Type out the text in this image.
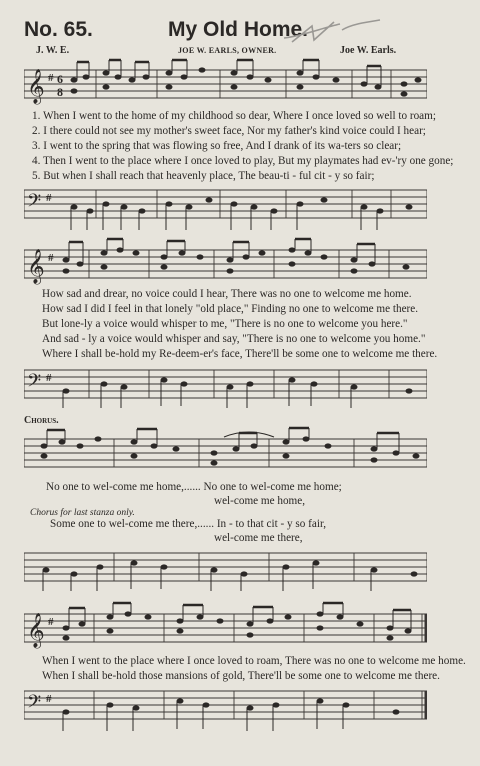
No. 65.	My Old Home.
J. W. E.	JOE W. EARLS, OWNER.	Joe W. Earls.
𝄞 # 6
8
1. When I went to the home of my childhood so dear, Where I once loved so well to roam;
2. I there could not see my mother's sweet face, Nor my father's kind voice could I hear;
3. I went to the spring that was flowing so free, And I drank of its wa-ters so clear;
4. Then I went to the place where I once loved to play, But my playmates had ev-'ry one gone;
5. But when I shall reach that heavenly place, The beau-ti - ful cit - y so fair;
𝄢 #
𝄞 #
How sad and drear, no voice could I hear, There was no one to welcome me home.
How sad I did I feel in that lonely "old place," Finding no one to welcome me there.
But lone-ly a voice would whisper to me, "There is no one to welcome you here."
And sad - ly a voice would whisper and say, "There is no one to welcome you home."
Where I shall be-hold my Re-deem-er's face, There'll be some one to welcome me there.
𝄢 #
Chorus.
No one to wel-come me home,...... No one to wel-come me home;
wel-come me home,
Chorus for last stanza only.
Some one to wel-come me there,...... In - to that cit - y so fair,
wel-come me there,
𝄞 #
When I went to the place where I once loved to roam, There was no one to welcome me home.
When I shall be-hold those mansions of gold, There'll be some one to welcome me there.
𝄢 #
